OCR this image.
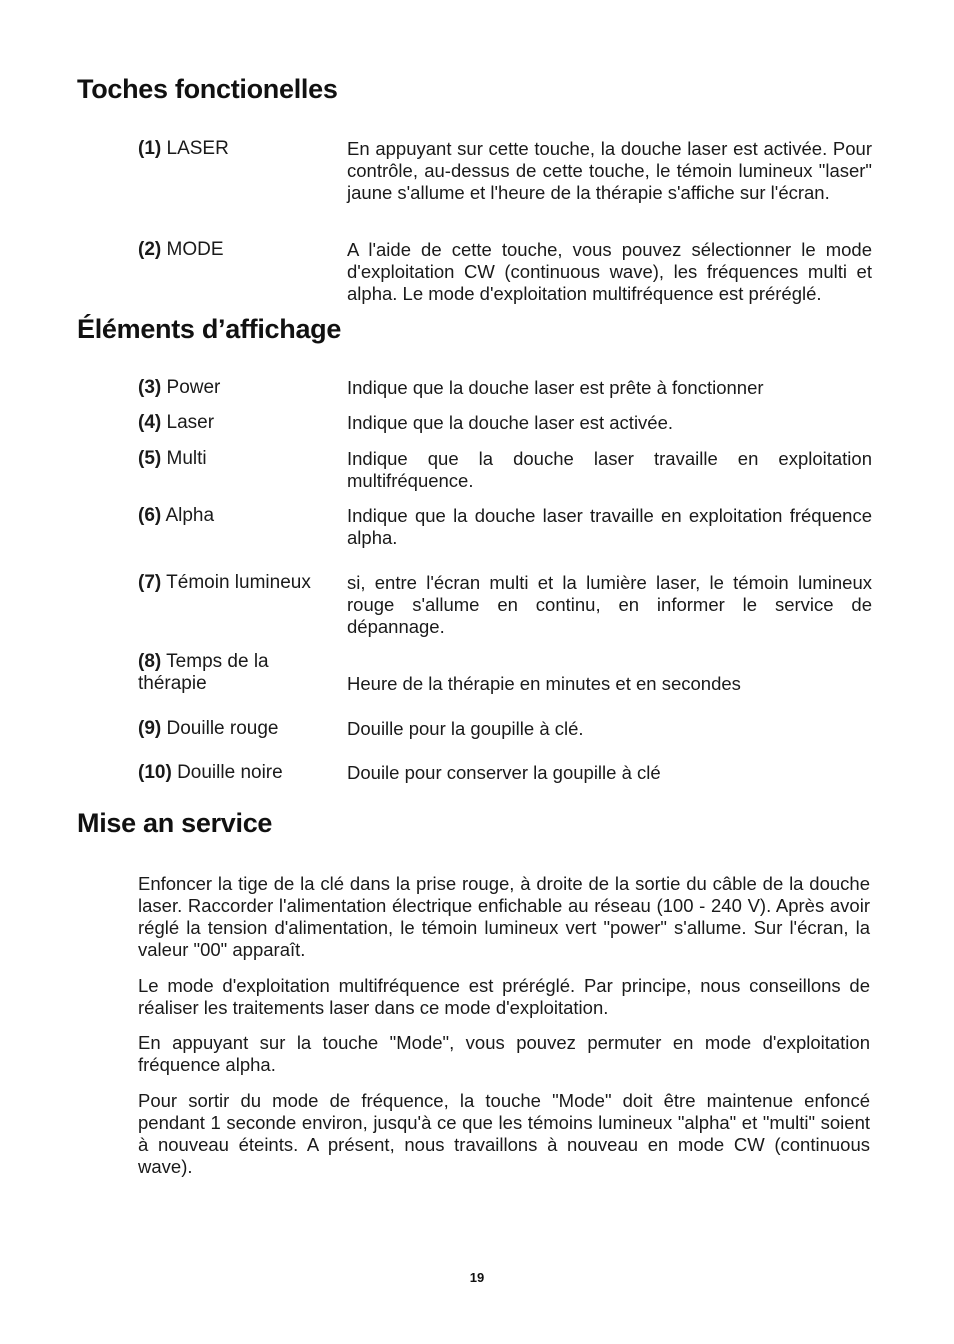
Toches fonctionelles
(1) LASER	En appuyant sur cette touche, la douche laser est activée. Pour contrôle, au-dessus de cette touche, le témoin lumineux "laser" jaune s'allume et l'heure de la thérapie s'affiche sur l'écran.
(2) MODE	A l'aide de cette touche, vous pouvez sélectionner le mode d'exploitation CW (continuous wave), les fréquences multi et alpha. Le mode d'exploitation multifréquence est préréglé.
Éléments d’affichage
(3) Power	Indique que la douche laser est prête à fonctionner
(4) Laser	Indique que la douche laser est activée.
(5) Multi	Indique que la douche laser travaille en exploitation multifréquence.
(6) Alpha	Indique que la douche laser travaille en exploitation fréquence alpha.
(7) Témoin lumineux	si, entre l'écran multi et la lumière laser, le témoin lumineux rouge s'allume en continu, en informer le service de dépannage.
(8) Temps de la thérapie	Heure de la thérapie en minutes et en secondes
(9) Douille rouge	Douille pour la goupille à clé.
(10) Douille noire	Douile pour conserver la goupille à clé
Mise an service

Enfoncer la tige de la clé dans la prise rouge, à droite de la sortie du câble de la douche laser. Raccorder l'alimentation électrique enfichable au réseau (100 - 240 V). Après avoir réglé la tension d'alimentation, le témoin lumineux vert "power" s'allume. Sur l'écran, la valeur "00" apparaît.

Le mode d'exploitation multifréquence est préréglé. Par principe, nous conseillons de réaliser les traitements laser dans ce mode d'exploitation.

En appuyant sur la touche "Mode", vous pouvez permuter en mode d'exploitation fréquence alpha.

Pour sortir du mode de fréquence, la touche "Mode" doit être maintenue enfoncé pendant 1 seconde environ, jusqu'à ce que les témoins lumineux "alpha" et "multi" soient à nouveau éteints. A présent, nous travaillons à nouveau en mode CW (continuous wave).

19
